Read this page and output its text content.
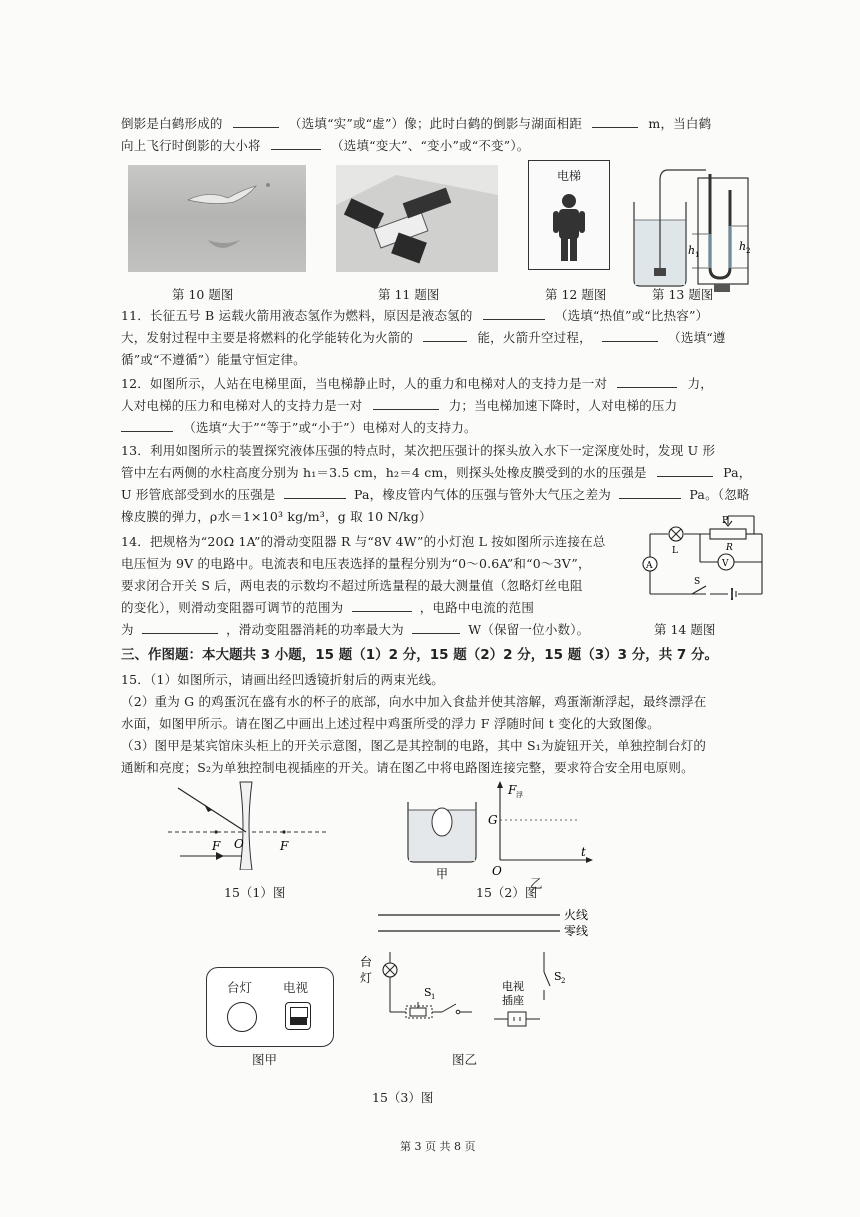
倒影是白鹤形成的	（选填“实”或“虚”）像；此时白鹤的倒影与湖面相距	m，当白鹤
向上飞行时倒影的大小将	（选填“变大”、“变小”或“不变”）。
第 10 题图	第 11 题图
电梯
第 12 题图
h 1
h 2
第 13 题图
11．长征五号 B 运载火箭用液态氢作为燃料，原因是液态氢的	（选填“热值”或“比热容”）
大，发射过程中主要是将燃料的化学能转化为火箭的	能，火箭升空过程，	（选填“遵
循”或“不遵循”）能量守恒定律。
12．如图所示，人站在电梯里面，当电梯静止时，人的重力和电梯对人的支持力是一对	力，
人对电梯的压力和电梯对人的支持力是一对	力；当电梯加速下降时，人对电梯的压力
（选填“大于”“等于”或“小于”）电梯对人的支持力。
13．利用如图所示的装置探究液体压强的特点时，某次把压强计的探头放入水下一定深度处时，发现 U 形
管中左右两侧的水柱高度分别为 h₁＝3.5 cm，h₂＝4 cm，则探头处橡皮膜受到的水的压强是	Pa，
U 形管底部受到水的压强是	Pa，橡皮管内气体的压强与管外大气压之差为	Pa。（忽略
橡皮膜的弹力，ρ水＝1×10³ kg/m³，g 取 10 N/kg）
14．把规格为“20Ω 1A”的滑动变阻器 R 与“8V 4W”的小灯泡 L 按如图所示连接在总
电压恒为 9V 的电路中。电流表和电压表选择的量程分别为“0～0.6A”和“0～3V”，
要求闭合开关 S 后，两电表的示数均不超过所选量程的最大测量值（忽略灯丝电阻
的变化），则滑动变阻器可调节的范围为	，电路中电流的范围
为	，滑动变阻器消耗的功率最大为	W（保留一位小数）。
A	V
L
P
R
S
第 14 题图
三、作图题：本大题共 3 小题，15 题（1）2 分，15 题（2）2 分，15 题（3）3 分，共 7 分。
15．（1）如图所示，请画出经凹透镜折射后的两束光线。
（2）重为 G 的鸡蛋沉在盛有水的杯子的底部，向水中加入食盐并使其溶解，鸡蛋渐渐浮起，最终漂浮在
水面，如图甲所示。请在图乙中画出上述过程中鸡蛋所受的浮力 F 浮随时间 t 变化的大致图像。
（3）图甲是某宾馆床头柜上的开关示意图，图乙是其控制的电路，其中 S₁为旋钮开关，单独控制台灯的
通断和亮度；S₂为单独控制电视插座的开关。请在图乙中将电路图连接完整，要求符合安全用电原则。
F O	F
15（1）图
甲
F 浮
G
O
t
15（2）图
乙
火线
零线
台灯 电视
图甲
台
灯
S 1
电视
插座
S 2
图乙
15（3）图
第 3 页 共 8 页
